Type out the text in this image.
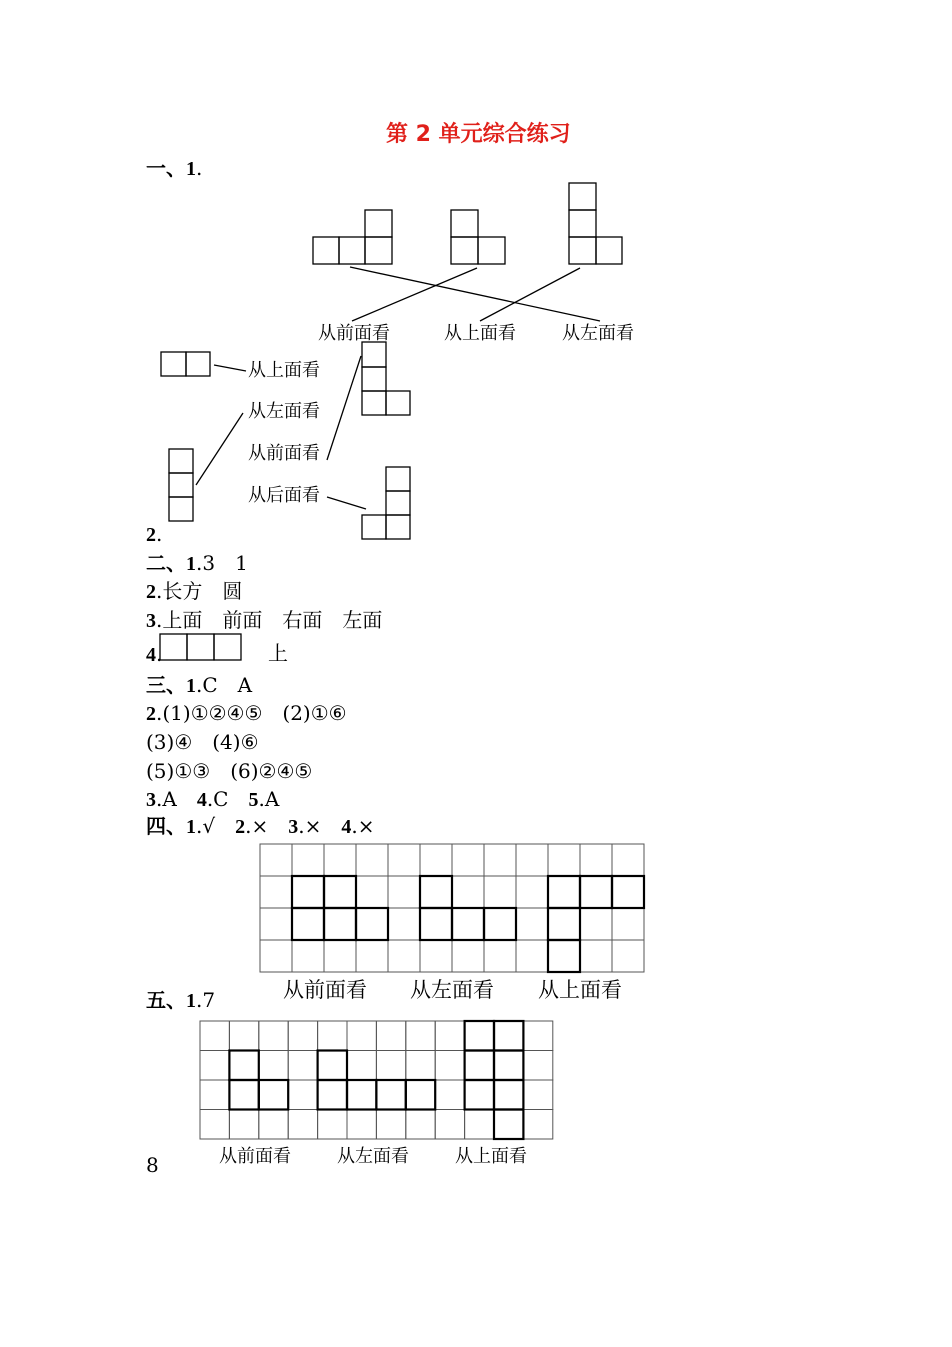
第 2 单元综合练习
一、1.
从前面看	从上面看	从左面看
从上面看
从左面看
从前面看
从后面看
2.
二、1.3　1
2.长方　圆
3.上面　前面　右面　左面
4.	上
三、1.C　A
2.(1)①②④⑤　(2)①⑥
(3)④　(4)⑥
(5)①③　(6)②④⑤
3.A　 4.C　 5.A
四、1.√　 2.×　 3.×　 4.×
从前面看 从左面看 从上面看
五、1.7
从前面看	从左面看	从上面看
8
